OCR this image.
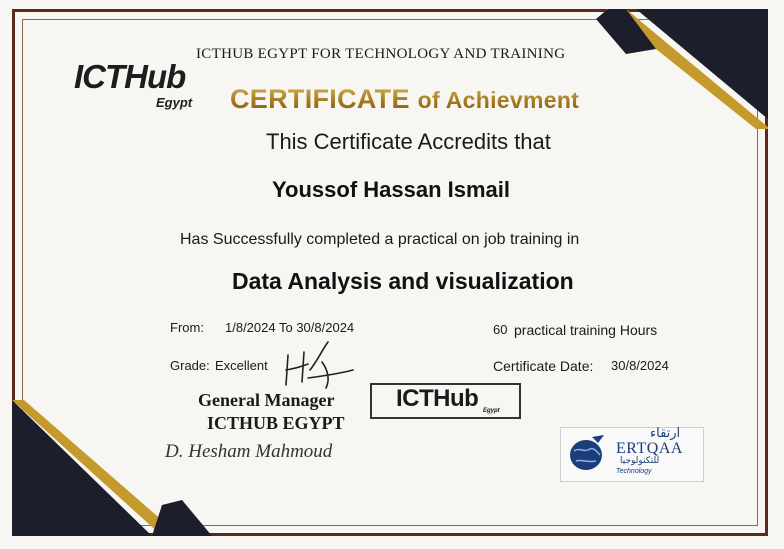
ICTHUB EGYPT FOR TECHNOLOGY AND TRAINING
ICTHub
Egypt CERTIFICATE of Achievment
This Certificate Accredits that
Youssof Hassan Ismail
Has Successfully completed a practical on job training in
Data Analysis and visualization
From: 1/8/2024 To 30/8/2024	60 practical training Hours
Grade: Excellent	Certificate Date: 30/8/2024
General Manager
ICTHUB EGYPT
D. Hesham Mahmoud
ICTHub Egypt
ارتقاء
ERTQAA
للتكنولوجيا
Technology
